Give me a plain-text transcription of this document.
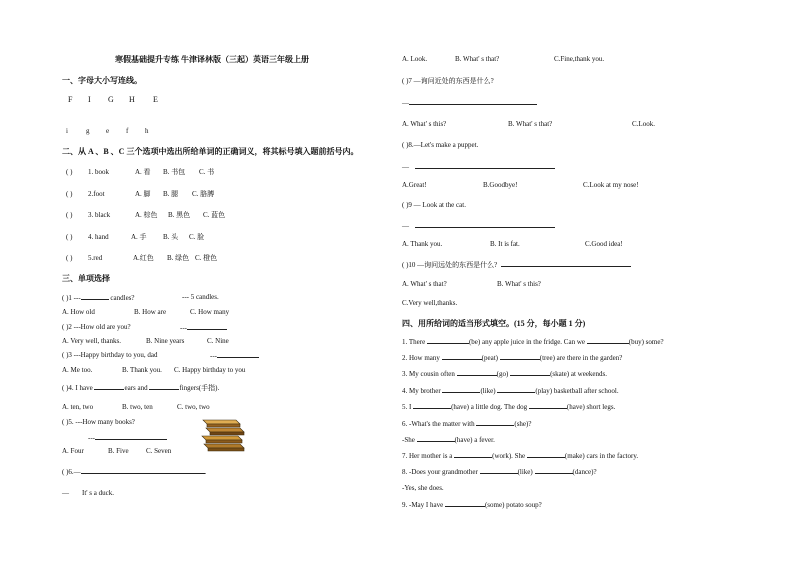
寒假基础提升专练 牛津译林版（三起）英语三年级上册
一、字母大小写连线。
F I G H E
i	g e f h
二、从 A 、B 、C 三个选项中选出所给单词的正确词义，将其标号填入题前括号内。
( ) 1. book	A. 看 B. 书包 C. 书
( ) 2.foot	A. 脚 B. 腿 C. 胳膊
( ) 3. black	A. 棕色 B. 黑色 C. 蓝色
( ) 4. hand	A. 手 B. 头 C. 脸
( ) 5.red	A.红色 B. 绿色 C. 橙色
三、单项选择
( )1 ---	candles?	--- 5 candles.
A. How old	B. How are	C. How many
( )2 ---How old are you?	---
A. Very well, thanks.	B. Nine years	C. Nine
( )3 ---Happy birthday to you, dad	---
A. Me too.	B. Thank you. C. Happy birthday to you
( )4. I have	ears and	fingers(手指).
A. ten, two	B. two, ten	C. two, two
( )5. ---How many books?
---
A. Four	B. Five C. Seven
( )6.—	.
— It' s a duck.
A. Look.	B. What' s that?	C.Fine,thank you.
( )7 —询问近处的东西是什么?
—
A. What' s this?	B. What' s that?	C.Look.
( )8.—Let's make a puppet.
—
A.Great!	B.Goodbye!	C.Look at my nose!
( )9 — Look at the cat.
—
A. Thank you.	B. It is fat.	C.Good idea!
( )10 —询问远处的东西是什么?
A. What' s that?	B. What' s this?
C.Very well,thanks.
四、用所给词的适当形式填空。(15 分，每小题 1 分)
1. There	(be) any apple juice in the fridge. Can we	(buy) some?
2. How many	(peat)	(tree) are there in the garden?
3. My cousin often	(go)	(skate) at weekends.
4. My brother	(like)	(play) basketball after school.
5. I	(have) a little dog. The dog	(have) short legs.
6. -What's the matter with	(she)?
-She	(have) a fever.
7. Her mother is a	(work). She	(make) cars in the factory.
8. -Does your grandmother	(like)	(dance)?
-Yes, she does.
9. -May I have	(some) potato soup?
